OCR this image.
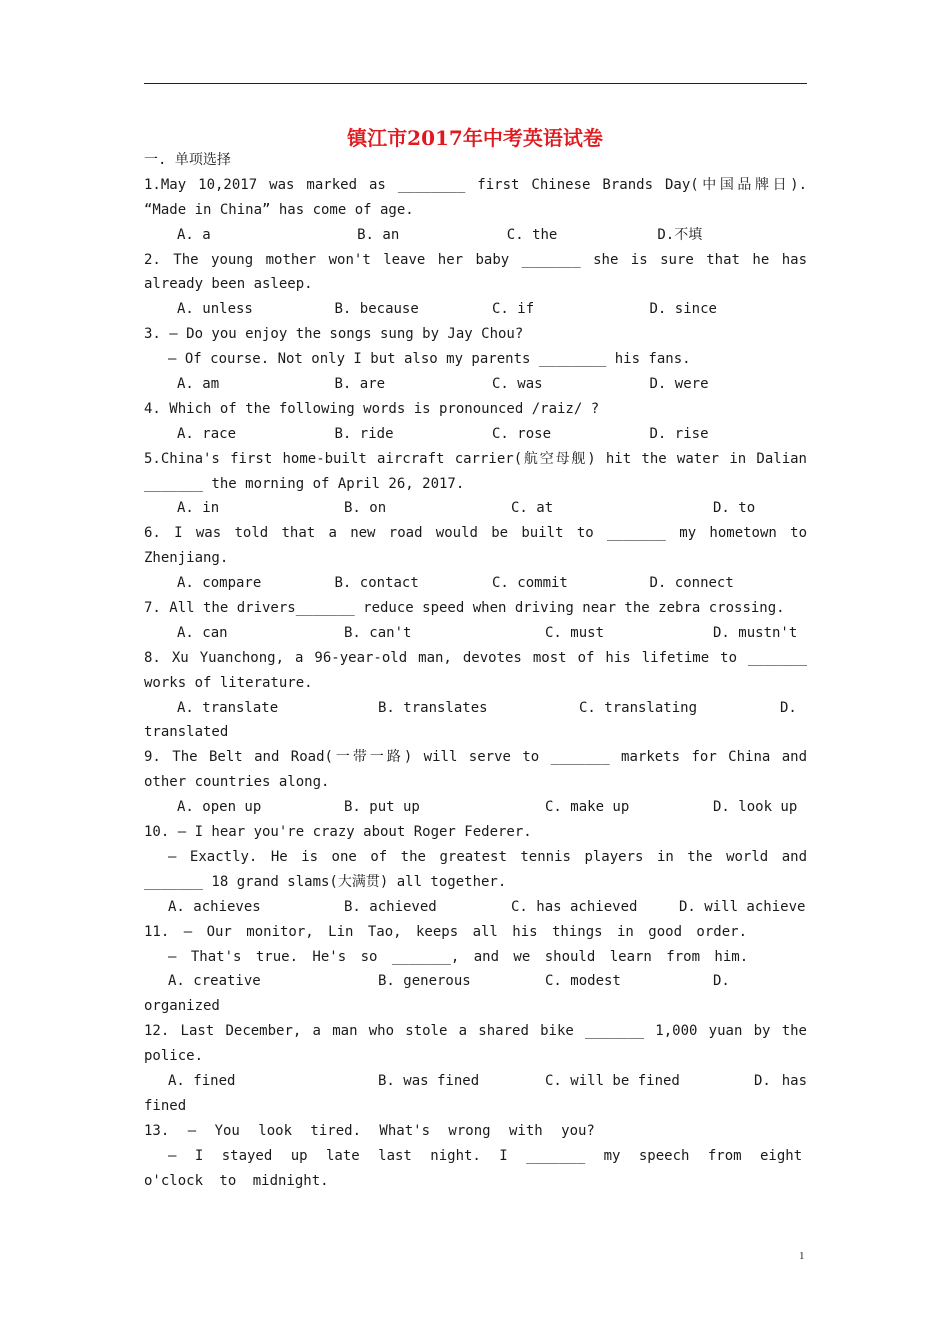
镇江市2017年中考英语试卷
一. 单项选择
1.May 10,2017 was marked as ________ first Chinese Brands Day(中国品牌日).
“Made in China” has come of age.
A. a	B. an	C. the	D.不填
2. The young mother won't leave her baby _______ she is sure that he has
already been asleep.
A. unless	B. because	C. if	D. since
3. — Do you enjoy the songs sung by Jay Chou?
— Of course. Not only I but also my parents ________ his fans.
A. am	B. are	C. was	D. were
4. Which of the following words is pronounced /raiz/ ?
A. race	B. ride	C. rose	D. rise
5.China's first home-built aircraft carrier(航空母舰) hit the water in Dalian
_______ the morning of April 26, 2017.
A. in	B. on	C. at	D. to
6. I was told that a new road would be built to _______ my hometown to
Zhenjiang.
A. compare	B. contact	C. commit	D. connect
7. All the drivers_______ reduce speed when driving near the zebra crossing.
A. can	B. can't	C. must	D. mustn't
8. Xu Yuanchong, a 96-year-old man, devotes most of his lifetime to _______
works of literature.
A. translate	B. translates	C. translating	D.
translated
9. The Belt and Road(一带一路) will serve to _______ markets for China and
other countries along.
A. open up	B. put up	C. make up	D. look up
10. — I hear you're crazy about Roger Federer.
— Exactly. He is one of the greatest tennis players in the world and
_______ 18 grand slams(大满贯) all together.
A. achieves	B. achieved	C. has achieved	D. will achieve
11. — Our monitor, Lin Tao, keeps all his things in good order.
— That's true. He's so _______, and we should learn from him.
A. creative	B. generous	C. modest	D.
organized
12. Last December, a man who stole a shared bike _______ 1,000 yuan by the
police.
A. fined	B. was fined	C. will be fined	D. has
fined
13. — You look tired. What's wrong with you?
— I stayed up late last night. I _______ my speech from eight
o'clock to midnight.
1
